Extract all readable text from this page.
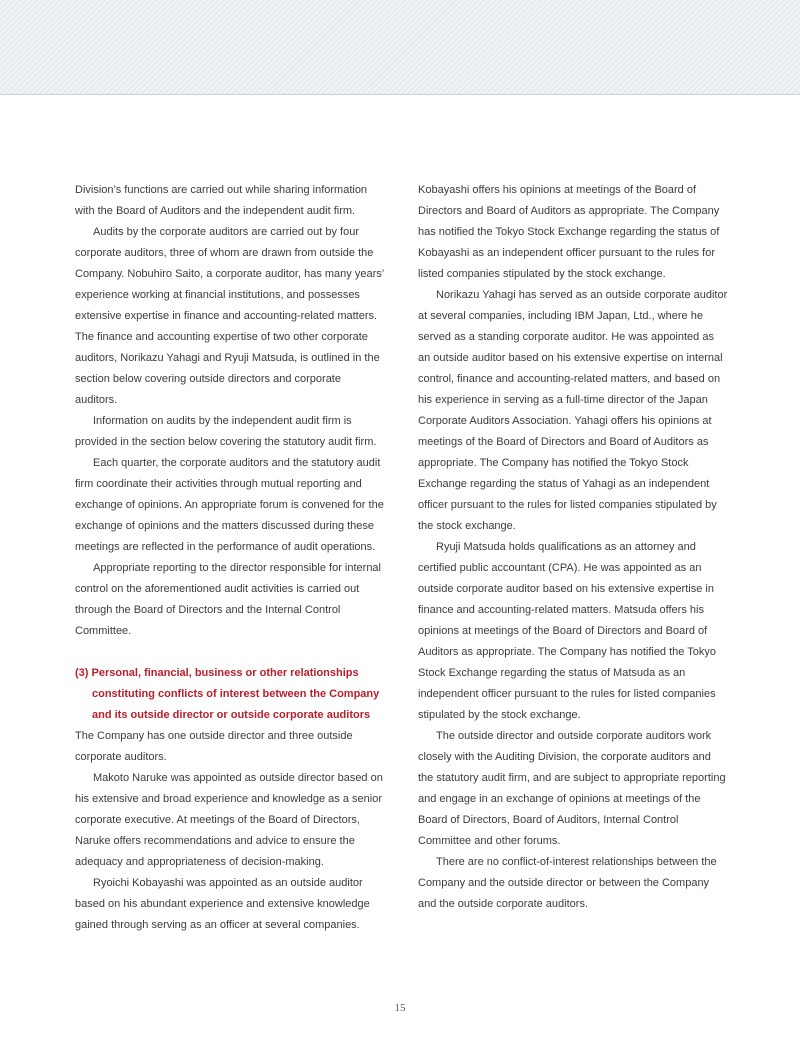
Division’s functions are carried out while sharing information with the Board of Auditors and the independent audit firm.

Audits by the corporate auditors are carried out by four corporate auditors, three of whom are drawn from outside the Company. Nobuhiro Saito, a corporate auditor, has many years’ experience working at financial institutions, and possesses extensive expertise in finance and accounting-related matters. The finance and accounting expertise of two other corporate auditors, Norikazu Yahagi and Ryuji Matsuda, is outlined in the section below covering outside directors and corporate auditors.

Information on audits by the independent audit firm is provided in the section below covering the statutory audit firm.

Each quarter, the corporate auditors and the statutory audit firm coordinate their activities through mutual reporting and exchange of opinions. An appropriate forum is convened for the exchange of opinions and the matters discussed during these meetings are reflected in the performance of audit operations.

Appropriate reporting to the director responsible for internal control on the aforementioned audit activities is carried out through the Board of Directors and the Internal Control Committee.

(3) Personal, financial, business or other relationships constituting conflicts of interest between the Company and its outside director or outside corporate auditors

The Company has one outside director and three outside corporate auditors.

Makoto Naruke was appointed as outside director based on his extensive and broad experience and knowledge as a senior corporate executive. At meetings of the Board of Directors, Naruke offers recommendations and advice to ensure the adequacy and appropriateness of decision-making.

Ryoichi Kobayashi was appointed as an outside auditor based on his abundant experience and extensive knowledge gained through serving as an officer at several companies.

Kobayashi offers his opinions at meetings of the Board of Directors and Board of Auditors as appropriate. The Company has notified the Tokyo Stock Exchange regarding the status of Kobayashi as an independent officer pursuant to the rules for listed companies stipulated by the stock exchange.

Norikazu Yahagi has served as an outside corporate auditor at several companies, including IBM Japan, Ltd., where he served as a standing corporate auditor. He was appointed as an outside auditor based on his extensive expertise on internal control, finance and accounting-related matters, and based on his experience in serving as a full-time director of the Japan Corporate Auditors Association. Yahagi offers his opinions at meetings of the Board of Directors and Board of Auditors as appropriate. The Company has notified the Tokyo Stock Exchange regarding the status of Yahagi as an independent officer pursuant to the rules for listed companies stipulated by the stock exchange.

Ryuji Matsuda holds qualifications as an attorney and certified public accountant (CPA). He was appointed as an outside corporate auditor based on his extensive expertise in finance and accounting-related matters. Matsuda offers his opinions at meetings of the Board of Directors and Board of Auditors as appropriate. The Company has notified the Tokyo Stock Exchange regarding the status of Matsuda as an independent officer pursuant to the rules for listed companies stipulated by the stock exchange.

The outside director and outside corporate auditors work closely with the Auditing Division, the corporate auditors and the statutory audit firm, and are subject to appropriate reporting and engage in an exchange of opinions at meetings of the Board of Directors, Board of Auditors, Internal Control Committee and other forums.

There are no conflict-of-interest relationships between the Company and the outside director or between the Company and the outside corporate auditors.

15
